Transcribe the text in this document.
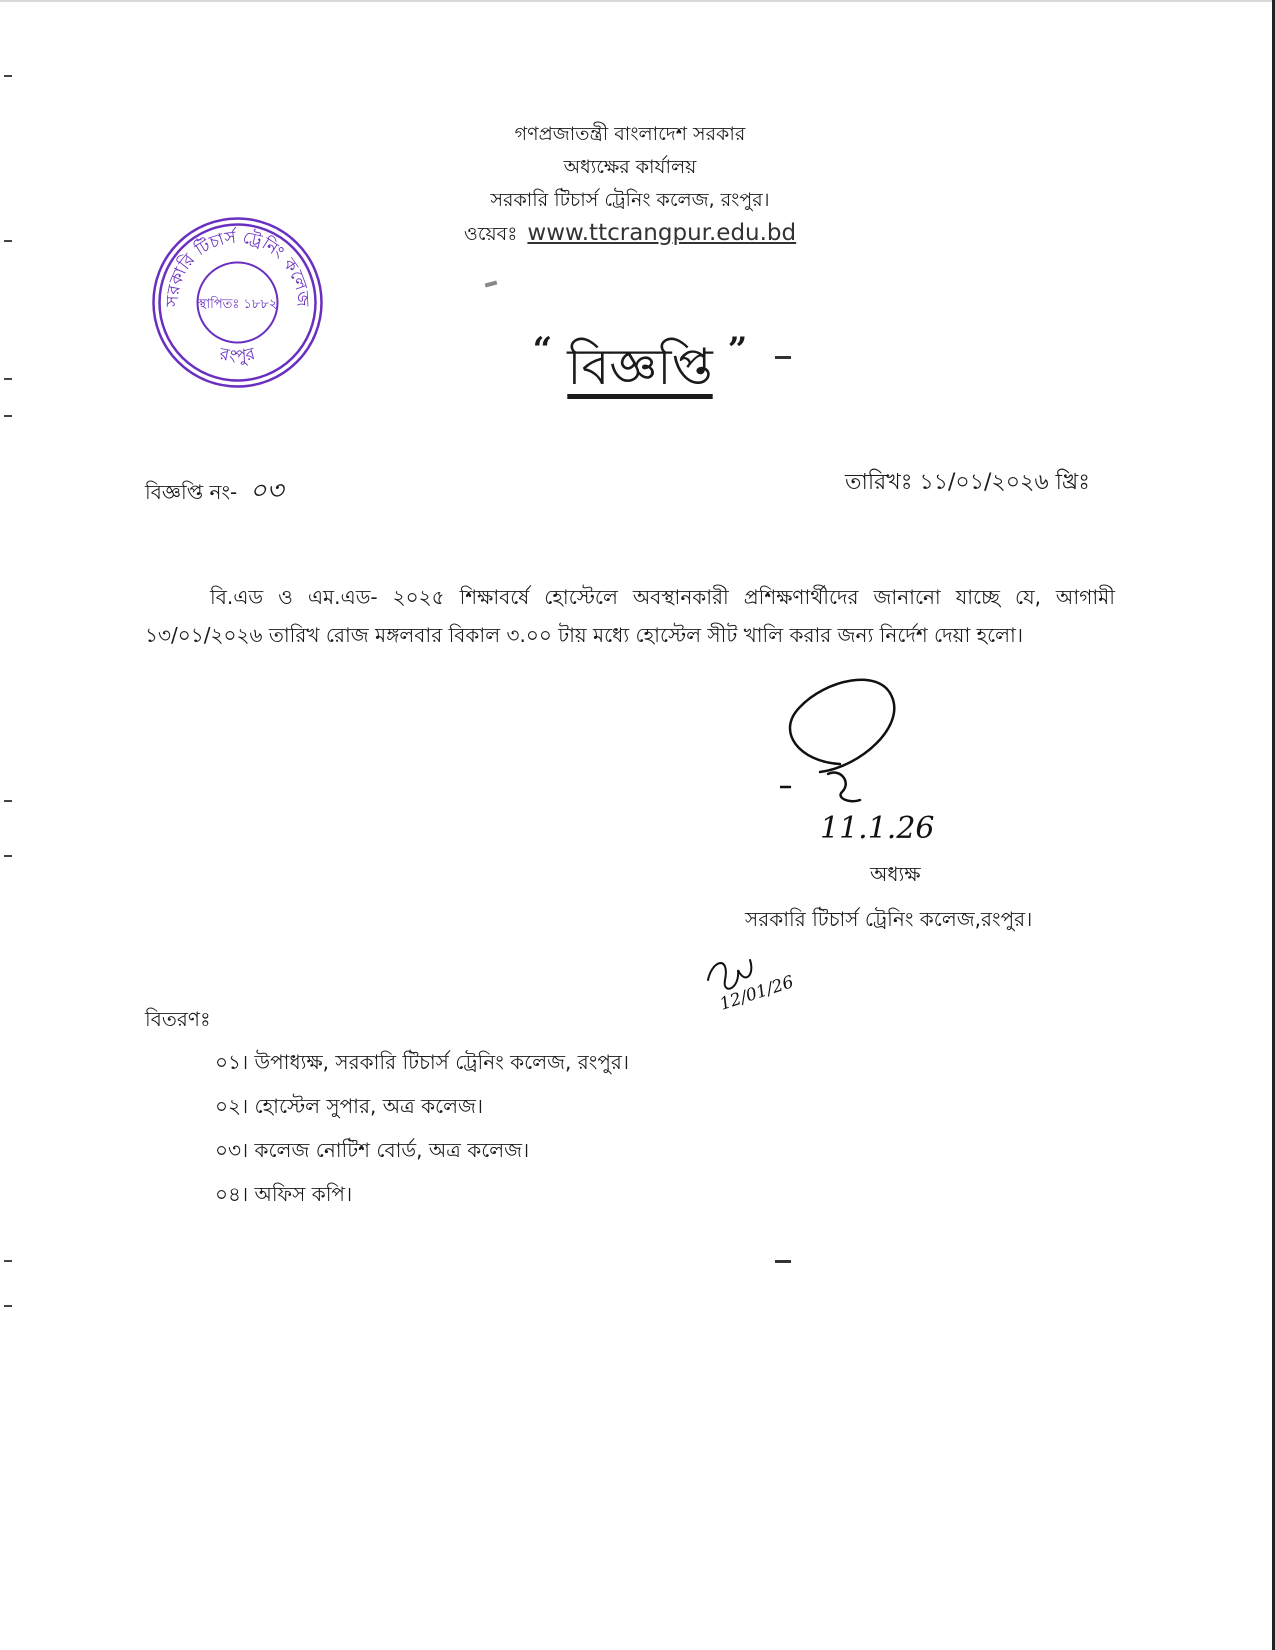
গণপ্রজাতন্ত্রী বাংলাদেশ সরকার
অধ্যক্ষের কার্যালয়
সরকারি টিচার্স ট্রেনিং কলেজ, রংপুর।
ওয়েবঃ www.ttcrangpur.edu.bd
সরকারি টিচার্স ট্রেনিং কলেজ
স্থাপিতঃ ১৮৮২
রংপুর	“ বিজ্ঞপ্তি ”
বিজ্ঞপ্তি নং- ০৩	তারিখঃ ১১/০১/২০২৬ খ্রিঃ
বি.এড ও এম.এড- ২০২৫ শিক্ষাবর্ষে হোস্টেলে অবস্থানকারী প্রশিক্ষণার্থীদের জানানো যাচ্ছে যে, আগামী ১৩/০১/২০২৬ তারিখ রোজ মঙ্গলবার বিকাল ৩.০০ টায় মধ্যে হোস্টেল সীট খালি করার জন্য নির্দেশ দেয়া হলো।
11.1.26
অধ্যক্ষ
সরকারি টিচার্স ট্রেনিং কলেজ,রংপুর।
12/01/26
বিতরণঃ
০১। উপাধ্যক্ষ, সরকারি টিচার্স ট্রেনিং কলেজ, রংপুর।
০২। হোস্টেল সুপার, অত্র কলেজ।
০৩। কলেজ নোটিশ বোর্ড, অত্র কলেজ।
০৪। অফিস কপি।
